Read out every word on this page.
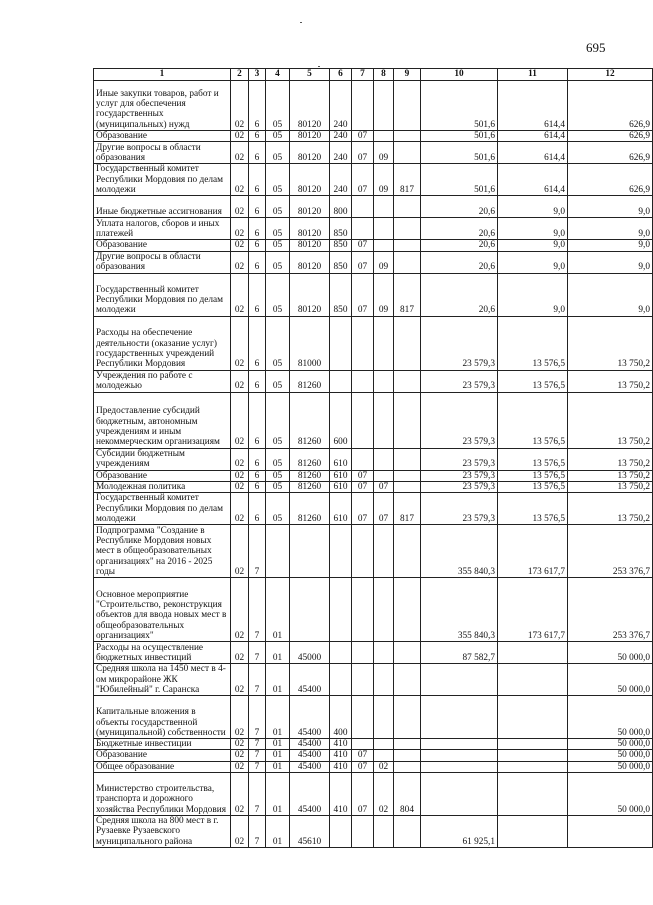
695
1	2	3	4	5	6	7	8	9	10	11	12
Иные закупки товаров, работ и услуг для обеспечения государственных (муниципальных) нужд	02	6	05	80120	240				501,6	614,4	626,9
Образование	02	6	05	80120	240	07			501,6	614,4	626,9
Другие вопросы в области образования	02	6	05	80120	240	07	09		501,6	614,4	626,9
Государственный комитет Республики Мордовия по делам молодежи	02	6	05	80120	240	07	09	817	501,6	614,4	626,9
Иные бюджетные ассигнования	02	6	05	80120	800				20,6	9,0	9,0
Уплата налогов, сборов и иных платежей	02	6	05	80120	850				20,6	9,0	9,0
Образование	02	6	05	80120	850	07			20,6	9,0	9,0
Другие вопросы в области образования	02	6	05	80120	850	07	09		20,6	9,0	9,0
Государственный комитет Республики Мордовия по делам молодежи	02	6	05	80120	850	07	09	817	20,6	9,0	9,0
Расходы на обеспечение деятельности (оказание услуг) государственных учреждений Республики Мордовия	02	6	05	81000					23 579,3	13 576,5	13 750,2
Учреждения по работе с молодежью	02	6	05	81260					23 579,3	13 576,5	13 750,2
Предоставление субсидий бюджетным, автономным учреждениям и иным некоммерческим организациям	02	6	05	81260	600				23 579,3	13 576,5	13 750,2
Субсидии бюджетным учреждениям	02	6	05	81260	610				23 579,3	13 576,5	13 750,2
Образование	02	6	05	81260	610	07			23 579,3	13 576,5	13 750,2
Молодежная политика	02	6	05	81260	610	07	07		23 579,3	13 576,5	13 750,2
Государственный комитет Республики Мордовия по делам молодежи	02	6	05	81260	610	07	07	817	23 579,3	13 576,5	13 750,2
Подпрограмма "Создание в Республике Мордовия новых мест в общеобразовательных организациях" на 2016 - 2025 годы	02	7							355 840,3	173 617,7	253 376,7
Основное мероприятие "Строительство, реконструкция объектов для ввода новых мест в общеобразовательных организациях"	02	7	01						355 840,3	173 617,7	253 376,7
Расходы на осуществление бюджетных инвестиций	02	7	01	45000					87 582,7		50 000,0
Средняя школа на 1450 мест в 4-ом микрорайоне ЖК "Юбилейный" г. Саранска	02	7	01	45400							50 000,0
Капитальные вложения в объекты государственной (муниципальной) собственности	02	7	01	45400	400						50 000,0
Бюджетные инвестиции	02	7	01	45400	410						50 000,0
Образование	02	7	01	45400	410	07					50 000,0
Общее образование	02	7	01	45400	410	07	02				50 000,0
Министерство строительства, транспорта и дорожного хозяйства Республики Мордовия	02	7	01	45400	410	07	02	804			50 000,0
Средняя школа на 800 мест в г. Рузаевке Рузаевского муниципального района	02	7	01	45610					61 925,1		
